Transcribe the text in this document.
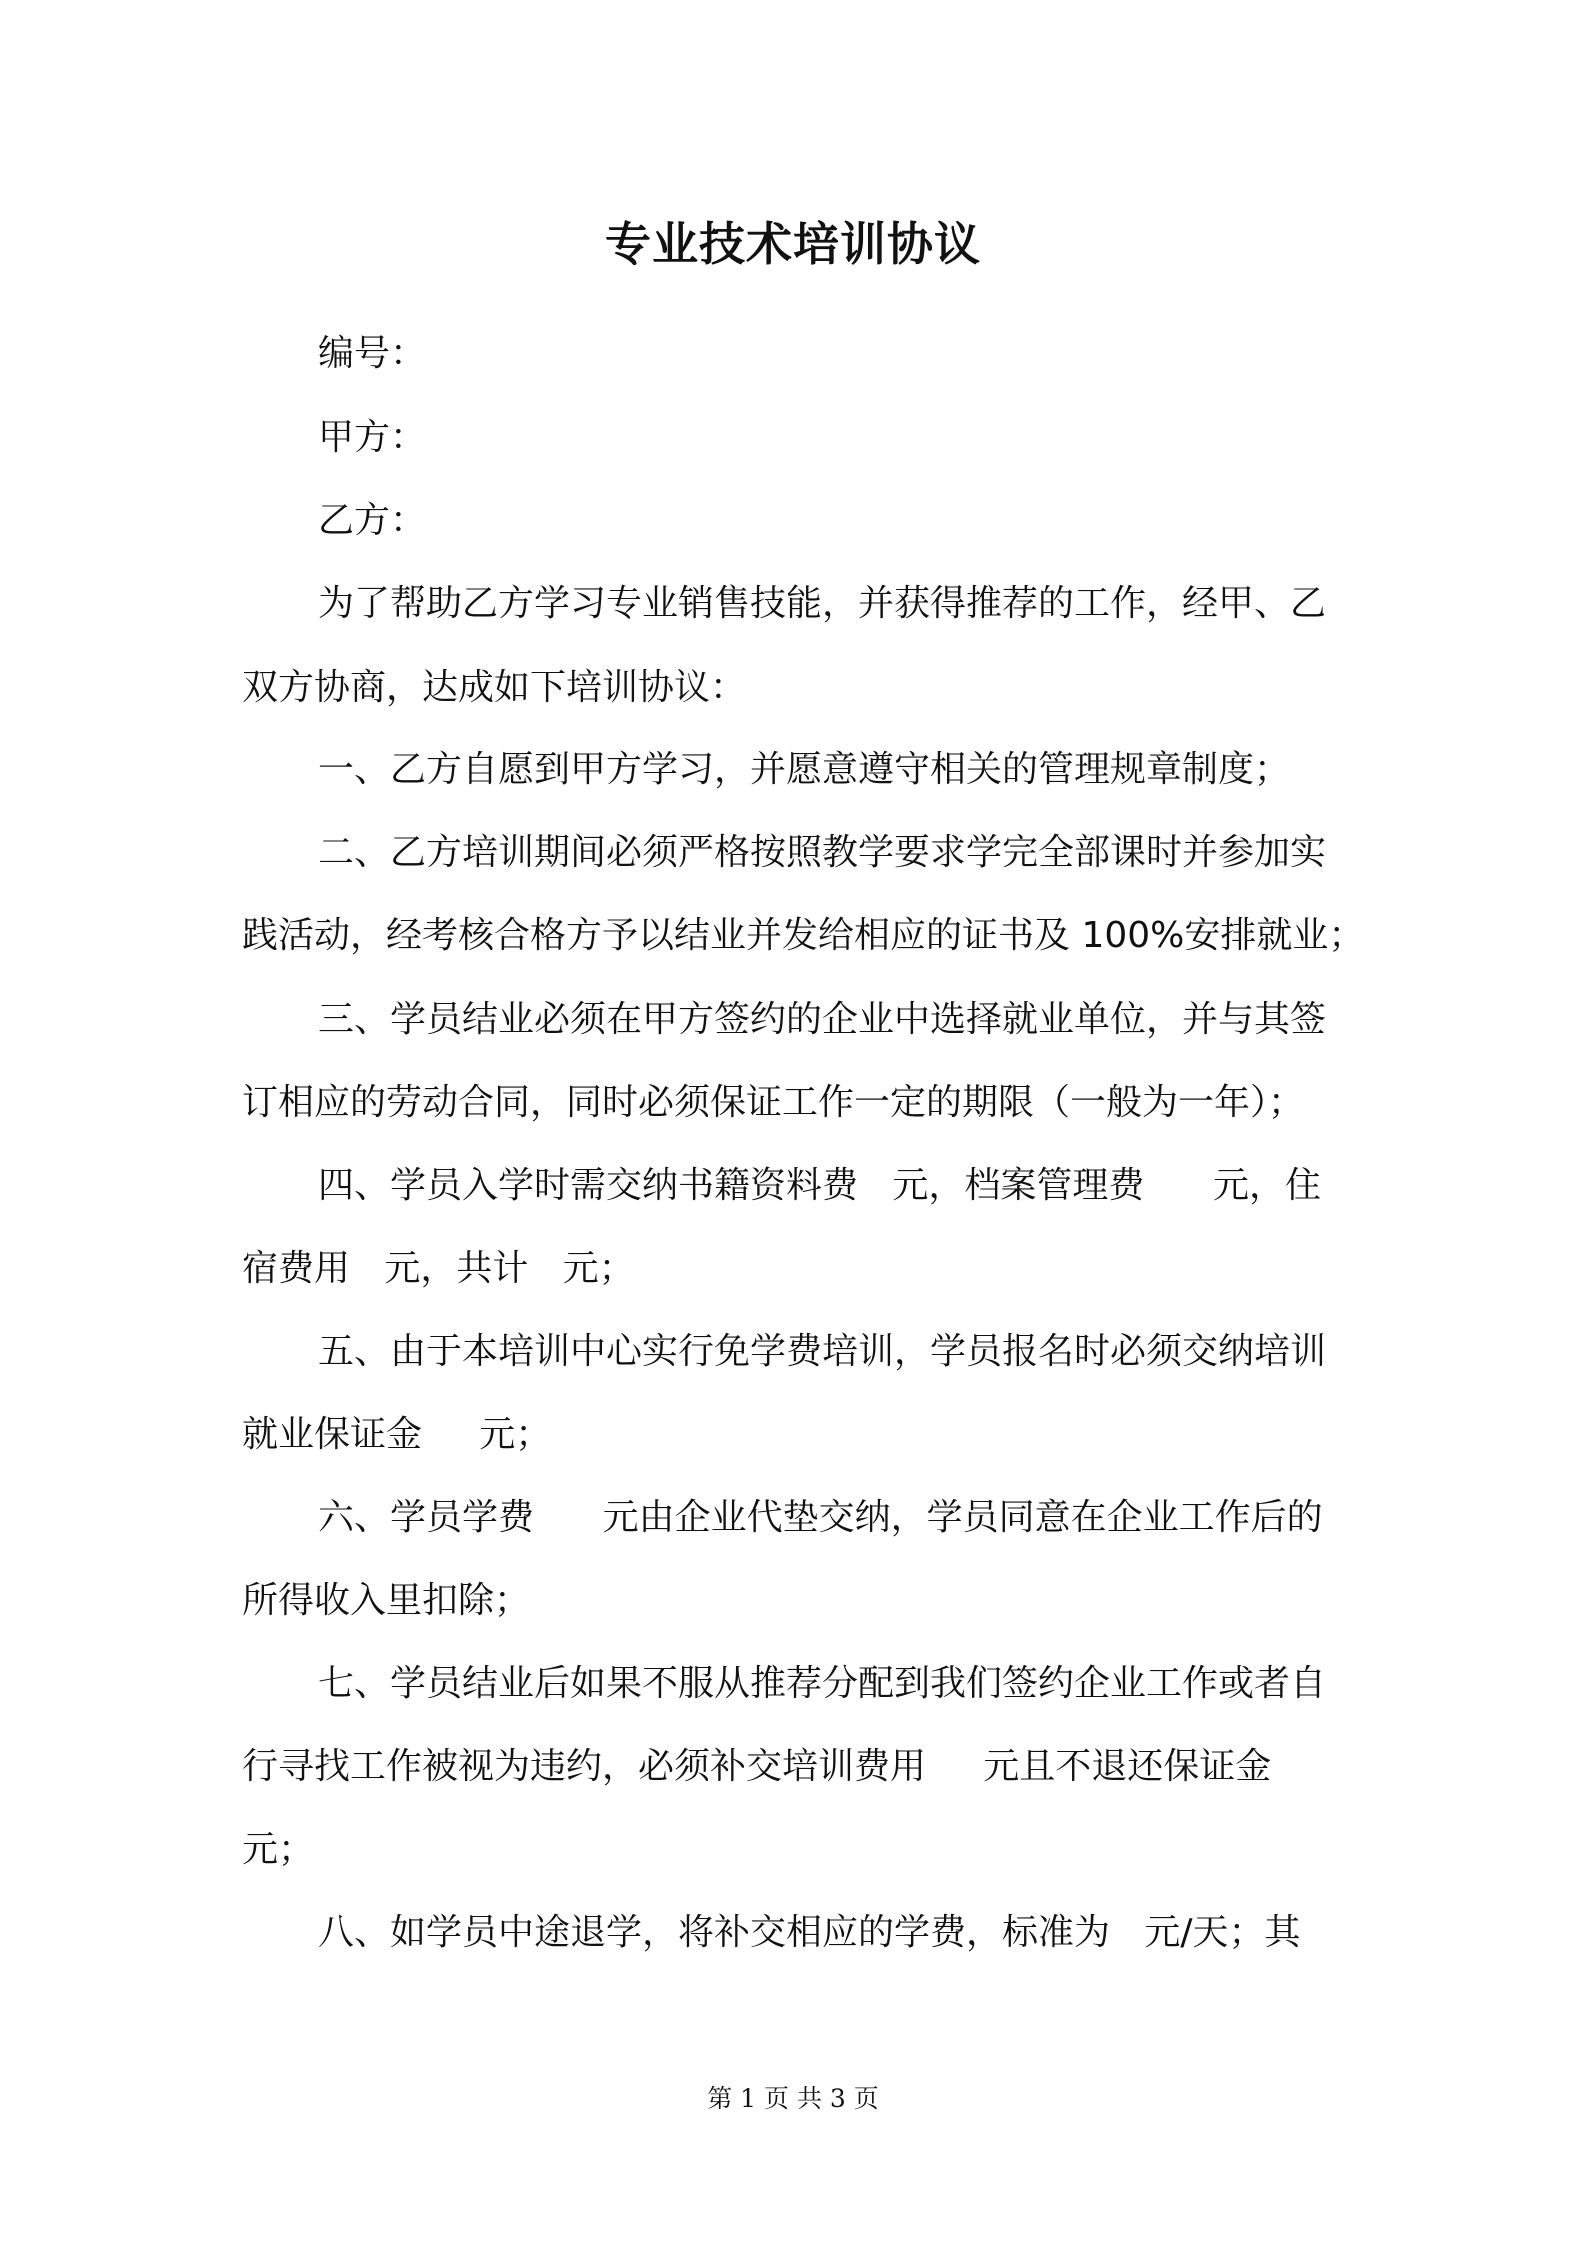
专业技术培训协议
编号：
甲方：
乙方：
为了帮助乙方学习专业销售技能，并获得推荐的工作，经甲、乙
双方协商，达成如下培训协议：
一、乙方自愿到甲方学习，并愿意遵守相关的管理规章制度；
二、乙方培训期间必须严格按照教学要求学完全部课时并参加实
践活动，经考核合格方予以结业并发给相应的证书及 100%安排就业；
三、学员结业必须在甲方签约的企业中选择就业单位，并与其签
订相应的劳动合同，同时必须保证工作一定的期限（一般为一年）；
四、学员入学时需交纳书籍资料费   元，档案管理费      元，住
宿费用   元，共计   元；
五、由于本培训中心实行免学费培训，学员报名时必须交纳培训
就业保证金     元；
六、学员学费      元由企业代垫交纳，学员同意在企业工作后的
所得收入里扣除；
七、学员结业后如果不服从推荐分配到我们签约企业工作或者自
行寻找工作被视为违约，必须补交培训费用     元且不退还保证金
元；
八、如学员中途退学，将补交相应的学费，标准为   元/天；其
第 1 页 共 3 页
